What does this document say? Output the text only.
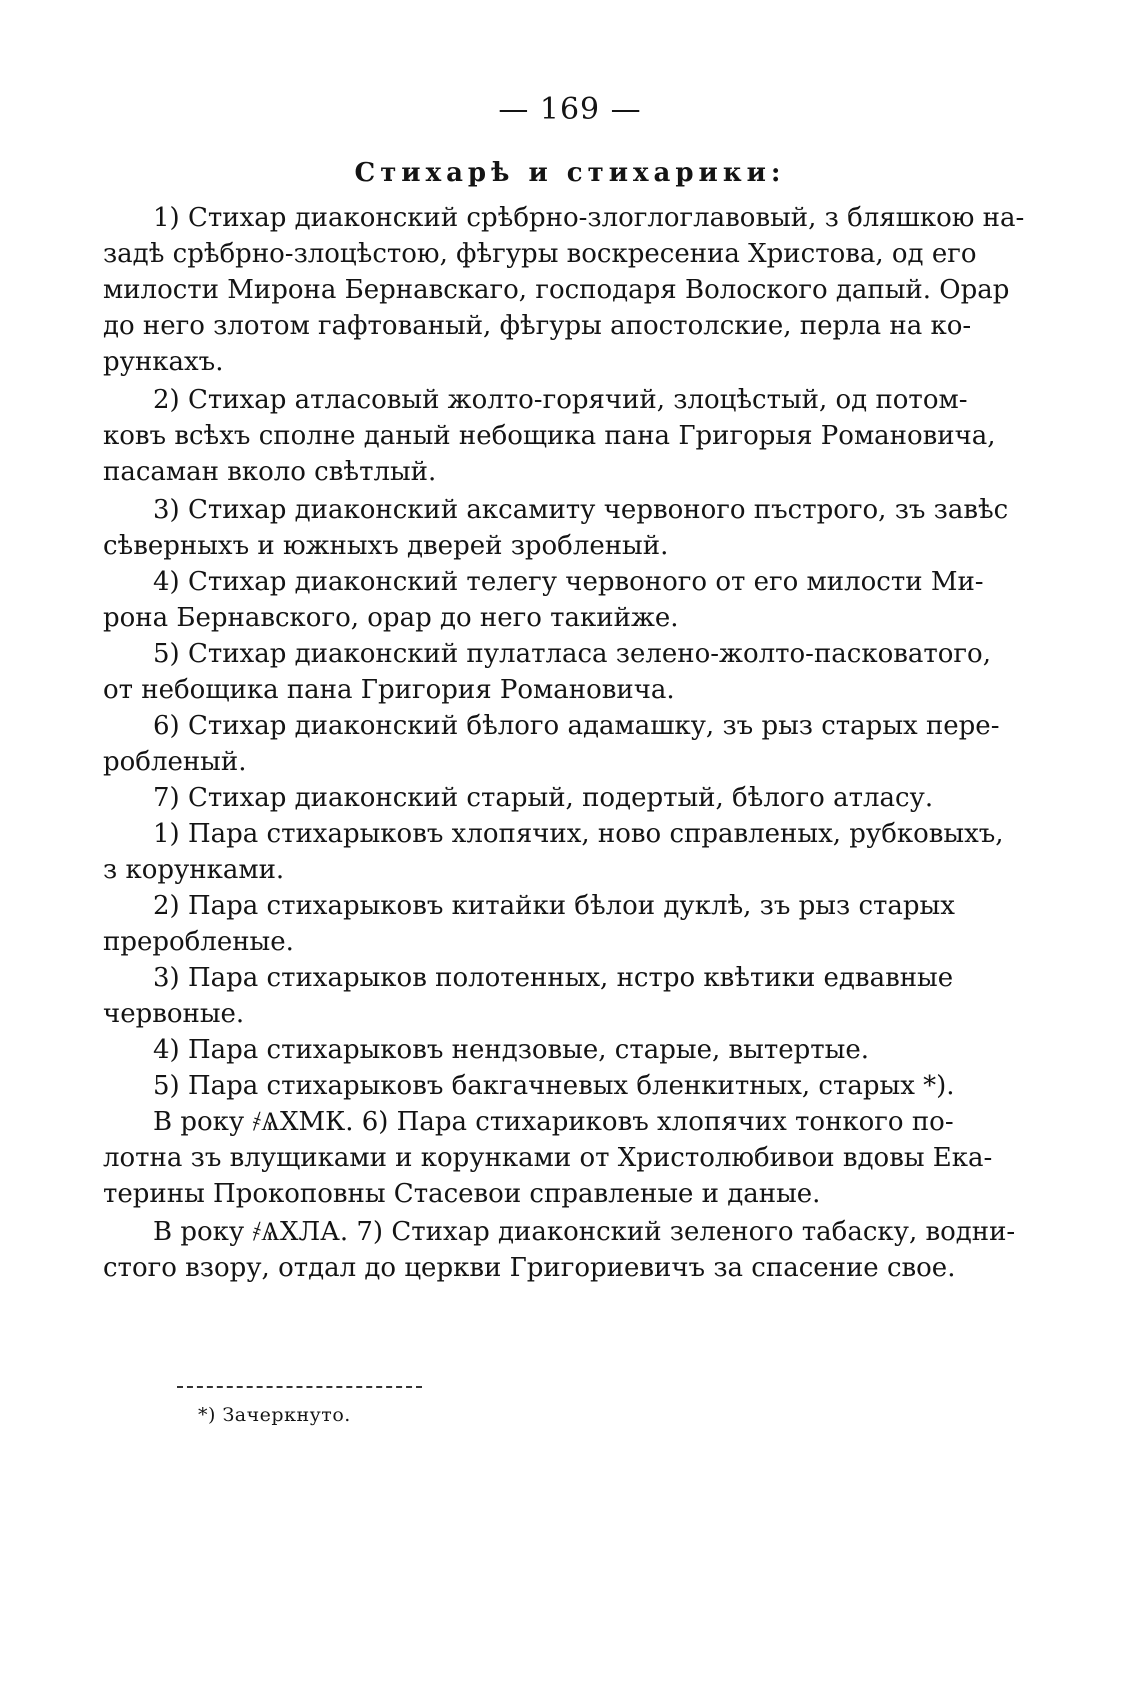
— 169 —
Стихарѣ и стихарики:
1) Стихар диаконский срѣбрно-злоглоглавовый, з бляшкою на-
задѣ срѣбрно-злоцѣстою, фѣгуры воскресениа Христова, од его
милости Мирона Бернавскаго, господаря Волоского дапый. Орар
до него злотом гафтованый, фѣгуры апостолские, перла на ко-
рункахъ.
2) Стихар атласовый жолто-горячий, злоцѣстый, од потом-
ковъ всѣхъ сполне даный небощика пана Григорыя Романовича,
пасаман вколо свѣтлый.
3) Стихар диаконский аксамиту червоного пъстрого, зъ завѣс
сѣверныхъ и южныхъ дверей зробленый.
4) Стихар диаконский телегу червоного от его милости Ми-
рона Бернавского, орар до него такийже.
5) Стихар диаконский пулатласа зелено-жолто-пасковатого,
от небощика пана Григория Романовича.
6) Стихар диаконский бѣлого адамашку, зъ рыз старых пере-
робленый.
7) Стихар диаконский старый, подертый, бѣлого атласу.
1) Пара стихарыковъ хлопячих, ново справленых, рубковыхъ,
з корунками.
2) Пара стихарыковъ китайки бѣлои дуклѣ, зъ рыз старых
преробленые.
3) Пара стихарыков полотенных, нстро квѣтики едвавные
червоные.
4) Пара стихарыковъ нендзовые, старые, вытертые.
5) Пара стихарыковъ бакгачневых бленкитных, старых *).
В року ҂ѦХМК. 6) Пара стихариковъ хлопячих тонкого по-
лотна зъ влущиками и корунками от Христолюбивои вдовы Ека-
терины Прокоповны Стасевои справленые и даные.
В року ҂ѦХЛА. 7) Стихар диаконский зеленого табаску, водни-
стого взору, отдал до церкви Григориевичъ за спасение свое.
*) Зачеркнуто.
